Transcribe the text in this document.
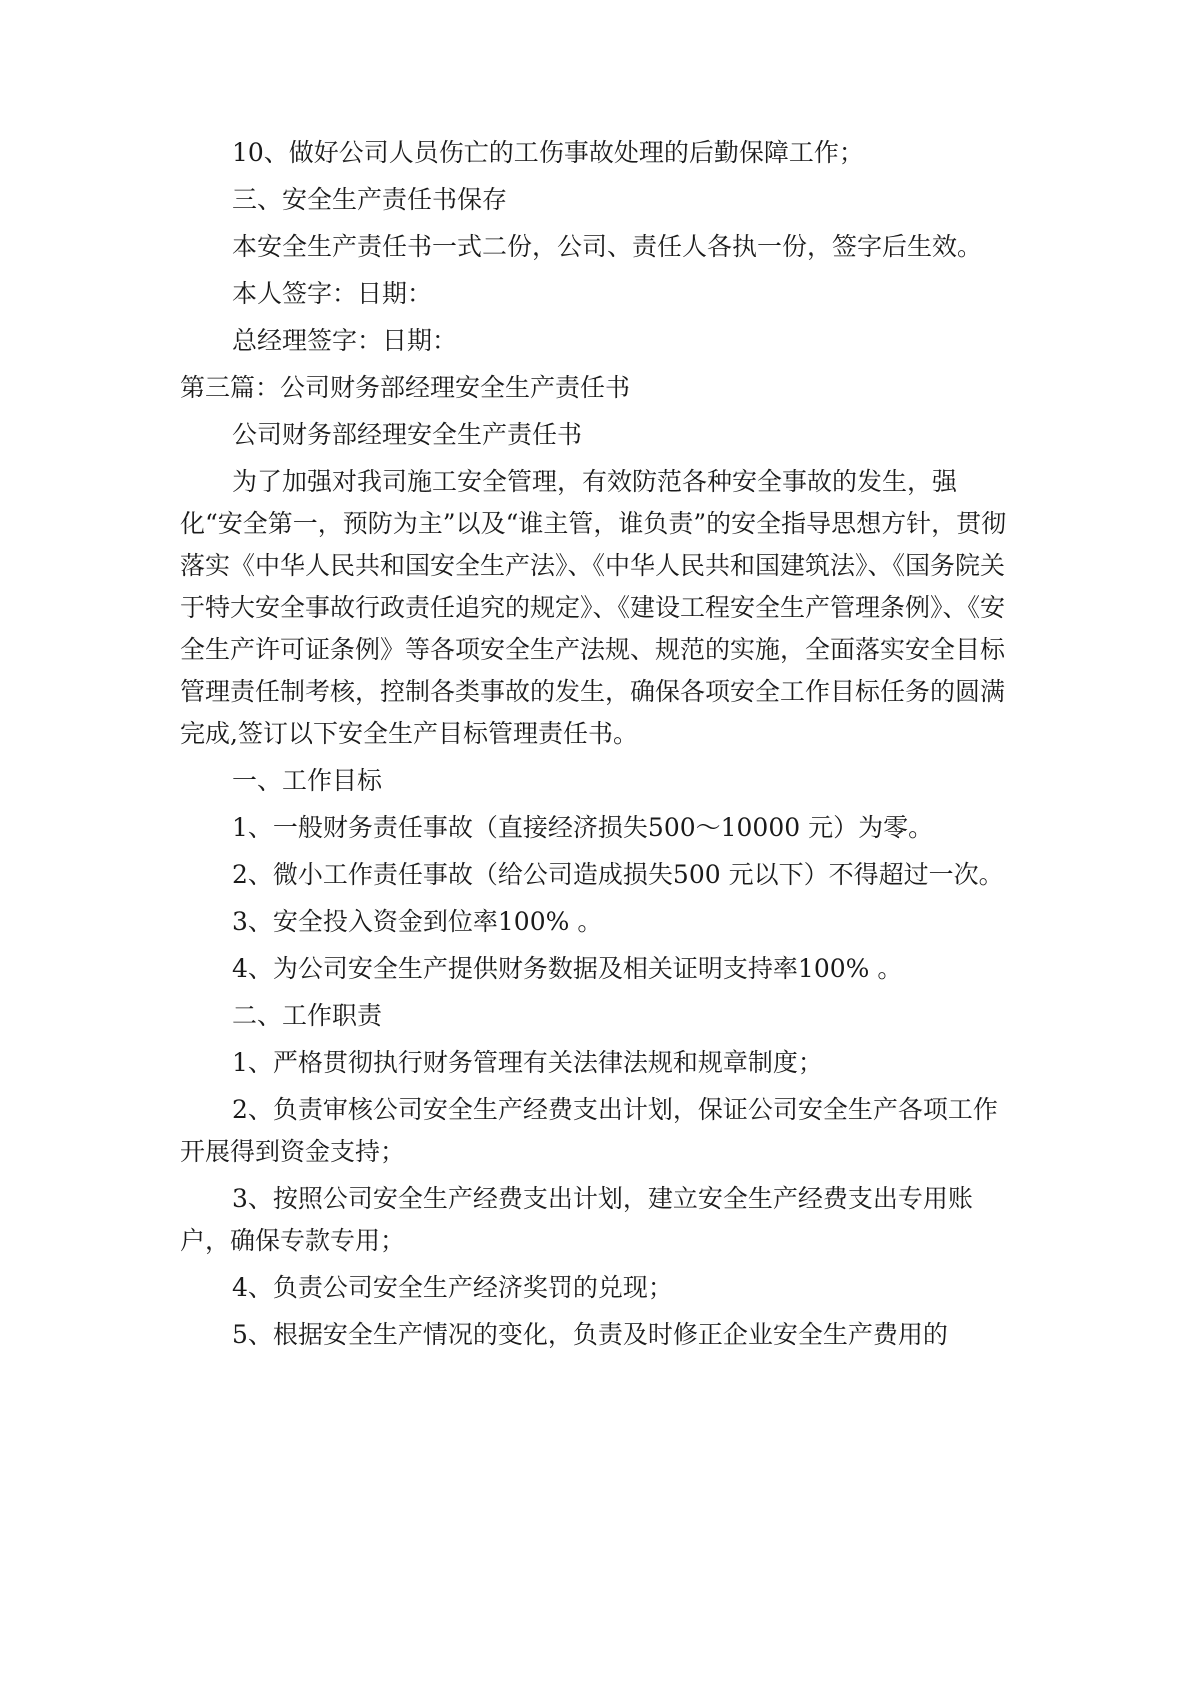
10、做好公司人员伤亡的工伤事故处理的后勤保障工作；

三、安全生产责任书保存

本安全生产责任书一式二份，公司、责任人各执一份，签字后生效。

本人签字：日期：

总经理签字：日期：

第三篇：公司财务部经理安全生产责任书

公司财务部经理安全生产责任书

为了加强对我司施工安全管理，有效防范各种安全事故的发生，强化“安全第一，预防为主”以及“谁主管，谁负责”的安全指导思想方针，贯彻落实《中华人民共和国安全生产法》、《中华人民共和国建筑法》、《国务院关于特大安全事故行政责任追究的规定》、《建设工程安全生产管理条例》、《安全生产许可证条例》等各项安全生产法规、规范的实施，全面落实安全目标管理责任制考核，控制各类事故的发生，确保各项安全工作目标任务的圆满完成,签订以下安全生产目标管理责任书。

一、工作目标

1、一般财务责任事故（直接经济损失500～10000 元）为零。

2、微小工作责任事故（给公司造成损失500 元以下）不得超过一次。

3、安全投入资金到位率100% 。

4、为公司安全生产提供财务数据及相关证明支持率100% 。

二、工作职责

1、严格贯彻执行财务管理有关法律法规和规章制度；

2、负责审核公司安全生产经费支出计划，保证公司安全生产各项工作开展得到资金支持；

3、按照公司安全生产经费支出计划，建立安全生产经费支出专用账户，确保专款专用；

4、负责公司安全生产经济奖罚的兑现；

5、根据安全生产情况的变化，负责及时修正企业安全生产费用的
